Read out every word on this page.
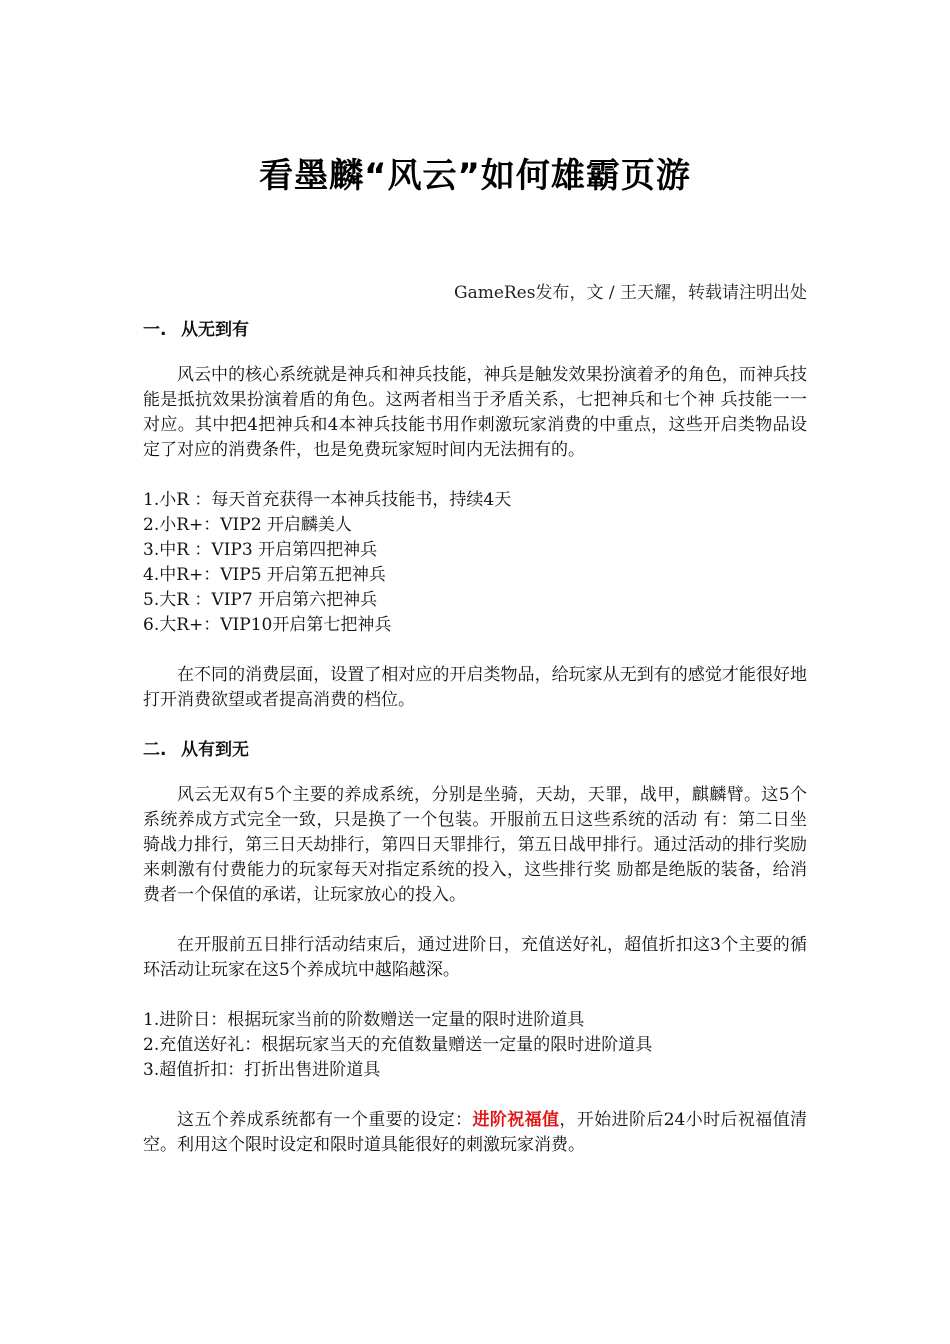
看墨麟“风云”如何雄霸页游
GameRes发布，文 / 王天耀，转载请注明出处
一. 从无到有

风云中的核心系统就是神兵和神兵技能，神兵是触发效果扮演着矛的角色，而神兵技能是抵抗效果扮演着盾的角色。这两者相当于矛盾关系，七把神兵和七个神 兵技能一一对应。其中把4把神兵和4本神兵技能书用作刺激玩家消费的中重点，这些开启类物品设定了对应的消费条件，也是免费玩家短时间内无法拥有的。

1.小R ：每天首充获得一本神兵技能书，持续4天
2.小R+：VIP2 开启麟美人
3.中R ：VIP3 开启第四把神兵
4.中R+：VIP5 开启第五把神兵
5.大R ：VIP7 开启第六把神兵
6.大R+：VIP10开启第七把神兵

在不同的消费层面，设置了相对应的开启类物品，给玩家从无到有的感觉才能很好地打开消费欲望或者提高消费的档位。

二. 从有到无

风云无双有5个主要的养成系统，分别是坐骑，天劫，天罪，战甲，麒麟臂。这5个系统养成方式完全一致，只是换了一个包装。开服前五日这些系统的活动 有：第二日坐骑战力排行，第三日天劫排行，第四日天罪排行，第五日战甲排行。通过活动的排行奖励来刺激有付费能力的玩家每天对指定系统的投入，这些排行奖 励都是绝版的装备，给消费者一个保值的承诺，让玩家放心的投入。

在开服前五日排行活动结束后，通过进阶日，充值送好礼，超值折扣这3个主要的循环活动让玩家在这5个养成坑中越陷越深。

1.进阶日：根据玩家当前的阶数赠送一定量的限时进阶道具
2.充值送好礼：根据玩家当天的充值数量赠送一定量的限时进阶道具
3.超值折扣：打折出售进阶道具

这五个养成系统都有一个重要的设定：进阶祝福值，开始进阶后24小时后祝福值清空。利用这个限时设定和限时道具能很好的刺激玩家消费。
